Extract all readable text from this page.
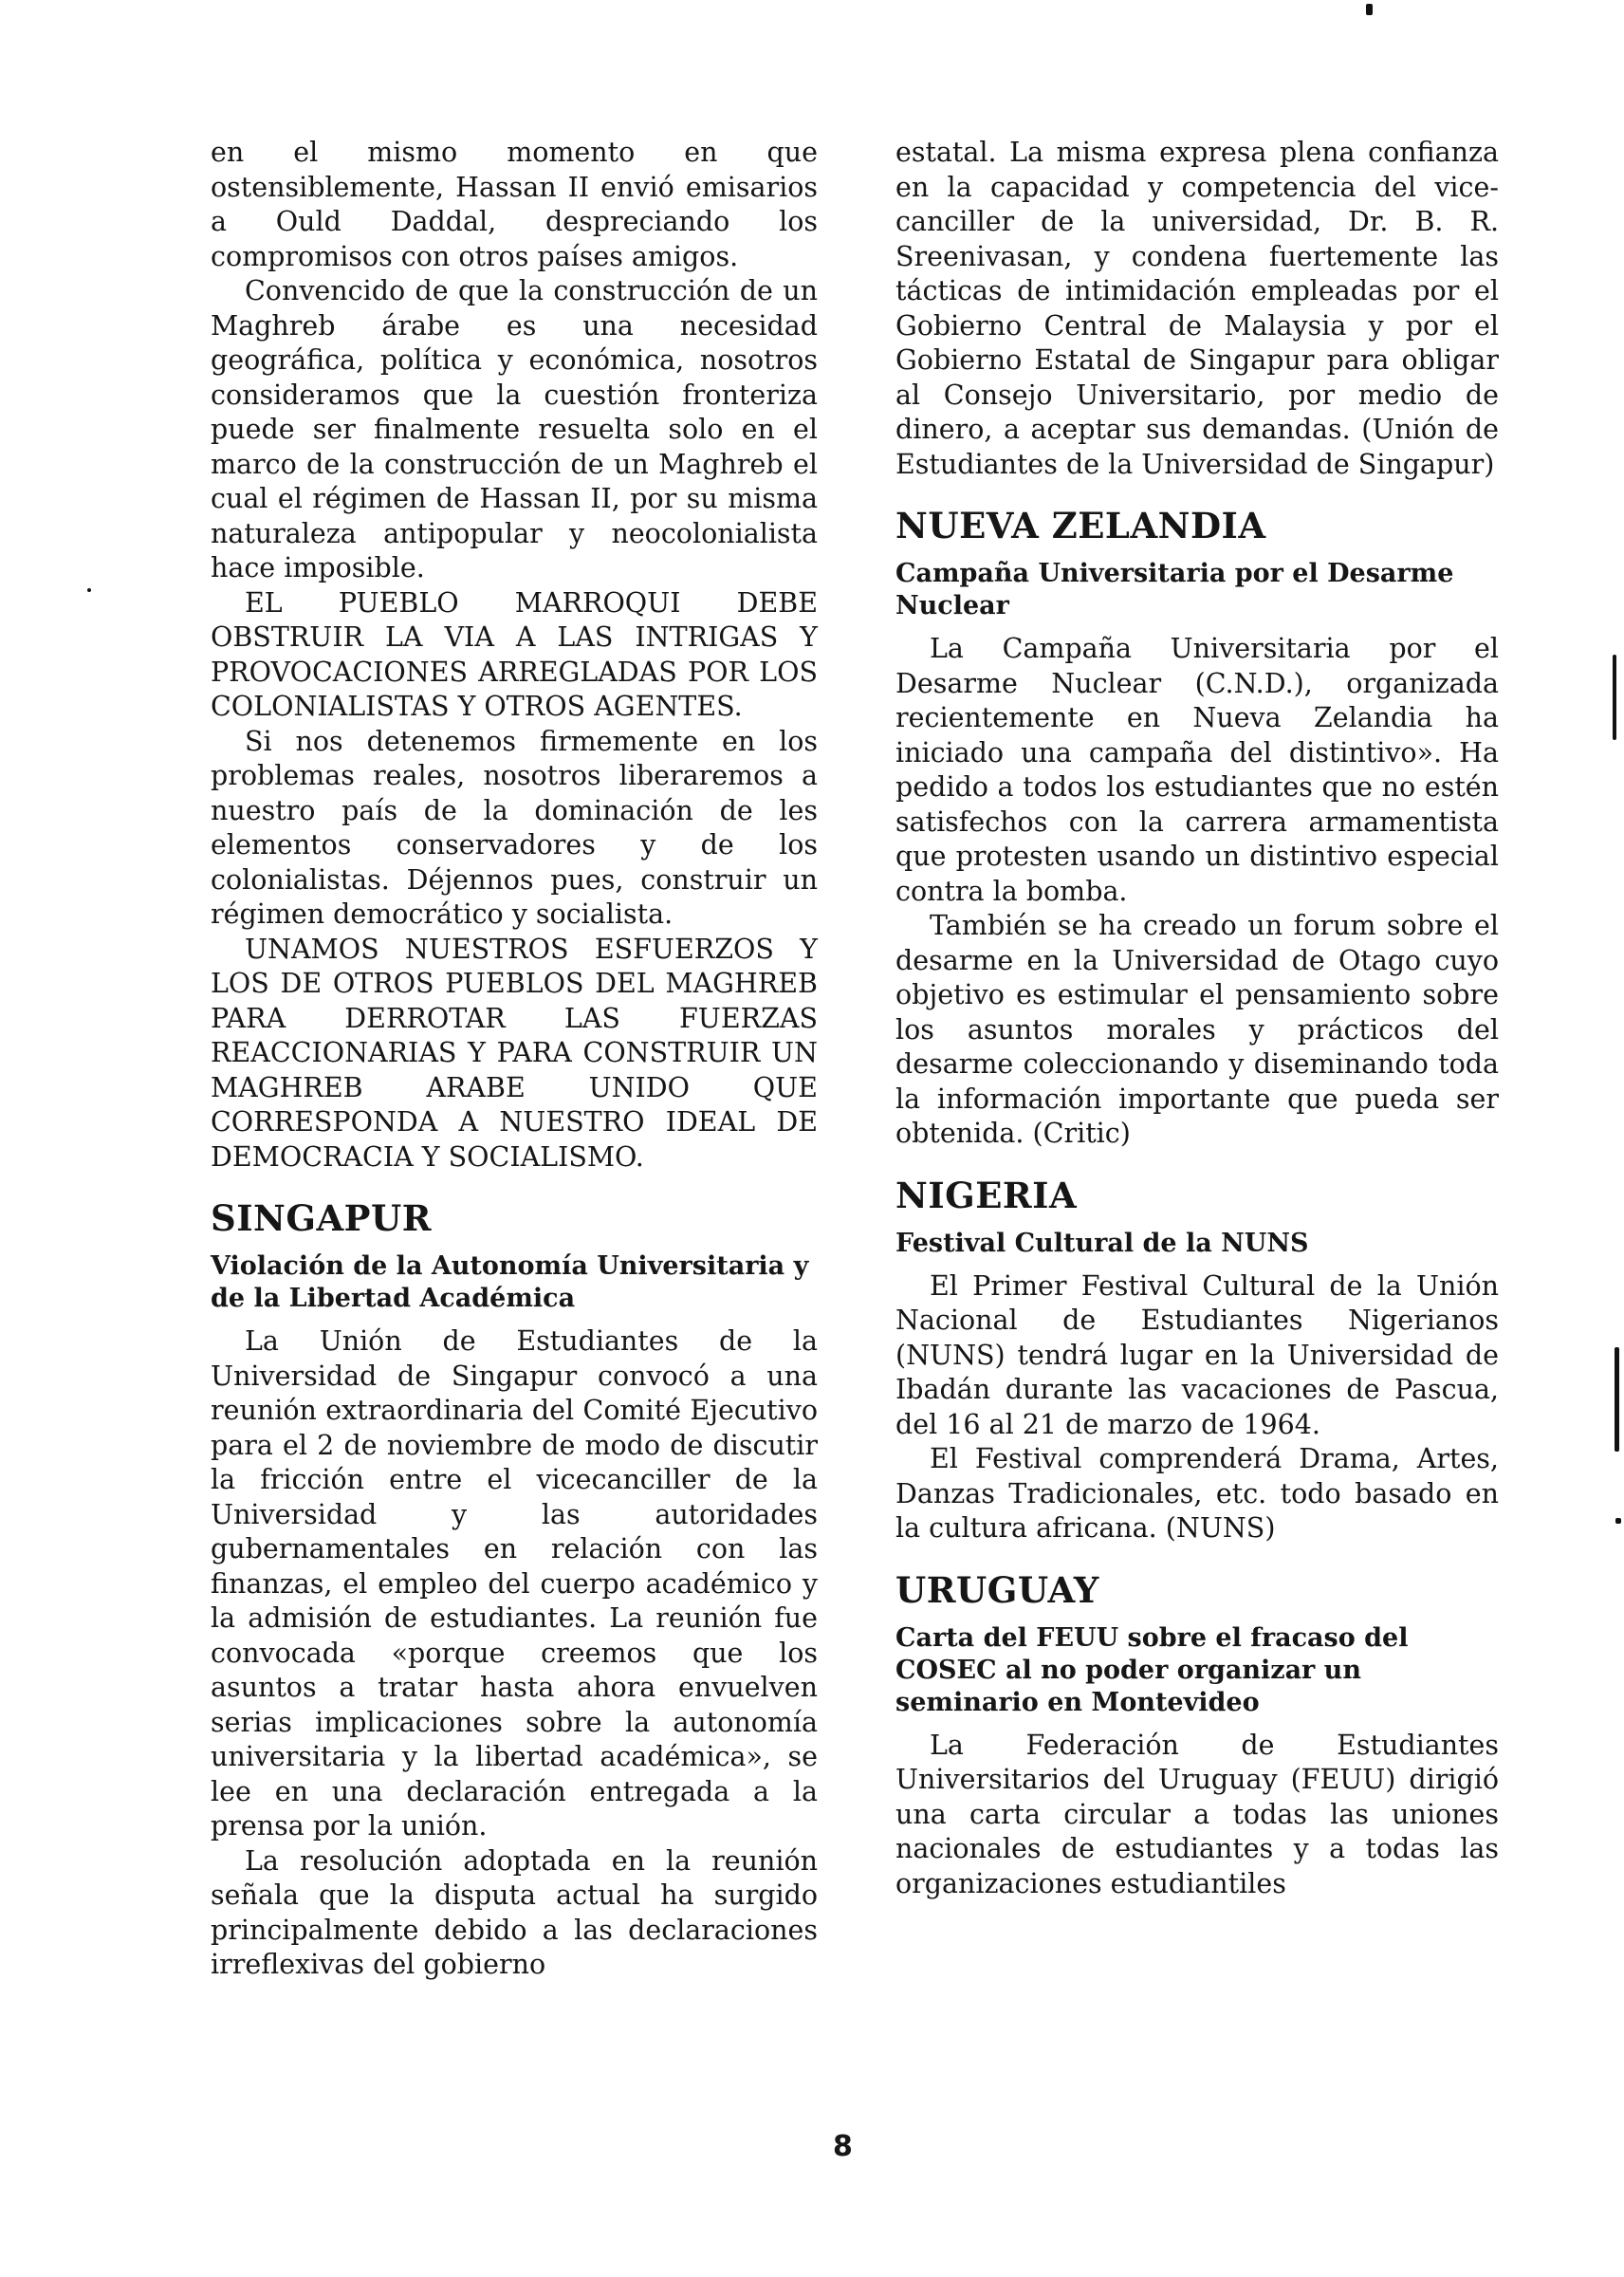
en el mismo momento en que ostensiblemente, Hassan II envió emisarios a Ould Daddal, despreciando los compromisos con otros países amigos.

Convencido de que la construcción de un Maghreb árabe es una necesidad geográfica, política y económica, nosotros consideramos que la cuestión fronteriza puede ser finalmente resuelta solo en el marco de la construcción de un Maghreb el cual el régimen de Hassan II, por su misma naturaleza antipopular y neocolonialista hace imposible.

EL PUEBLO MARROQUI DEBE OBSTRUIR LA VIA A LAS INTRIGAS Y PROVOCACIONES ARREGLADAS POR LOS COLONIALISTAS Y OTROS AGENTES.

Si nos detenemos firmemente en los problemas reales, nosotros liberaremos a nuestro país de la dominación de les elementos conservadores y de los colonialistas. Déjennos pues, construir un régimen democrático y socialista.

UNAMOS NUESTROS ESFUERZOS Y LOS DE OTROS PUEBLOS DEL MAGHREB PARA DERROTAR LAS FUERZAS REACCIONARIAS Y PARA CONSTRUIR UN MAGHREB ARABE UNIDO QUE CORRESPONDA A NUESTRO IDEAL DE DEMOCRACIA Y SOCIALISMO.

SINGAPUR
Violación de la Autonomía Universitaria y de la Libertad Académica

La Unión de Estudiantes de la Universidad de Singapur convocó a una reunión extraordinaria del Comité Ejecutivo para el 2 de noviembre de modo de discutir la fricción entre el vicecanciller de la Universidad y las autoridades gubernamentales en relación con las finanzas, el empleo del cuerpo académico y la admisión de estudiantes. La reunión fue convocada «porque creemos que los asuntos a tratar hasta ahora envuelven serias implicaciones sobre la autonomía universitaria y la libertad académica», se lee en una declaración entregada a la prensa por la unión.

La resolución adoptada en la reunión señala que la disputa actual ha surgido principalmente debido a las declaraciones irreflexivas del gobierno

estatal. La misma expresa plena confianza en la capacidad y competencia del vice-canciller de la universidad, Dr. B. R. Sreenivasan, y condena fuertemente las tácticas de intimidación empleadas por el Gobierno Central de Malaysia y por el Gobierno Estatal de Singapur para obligar al Consejo Universitario, por medio de dinero, a aceptar sus demandas. (Unión de Estudiantes de la Universidad de Singapur)

NUEVA ZELANDIA
Campaña Universitaria por el Desarme Nuclear

La Campaña Universitaria por el Desarme Nuclear (C.N.D.), organizada recientemente en Nueva Zelandia ha iniciado una campaña del distintivo». Ha pedido a todos los estudiantes que no estén satisfechos con la carrera armamentista que protesten usando un distintivo especial contra la bomba.

También se ha creado un forum sobre el desarme en la Universidad de Otago cuyo objetivo es estimular el pensamiento sobre los asuntos morales y prácticos del desarme coleccionando y diseminando toda la información importante que pueda ser obtenida. (Critic)

NIGERIA
Festival Cultural de la NUNS

El Primer Festival Cultural de la Unión Nacional de Estudiantes Nigerianos (NUNS) tendrá lugar en la Universidad de Ibadán durante las vacaciones de Pascua, del 16 al 21 de marzo de 1964.

El Festival comprenderá Drama, Artes, Danzas Tradicionales, etc. todo basado en la cultura africana. (NUNS)

URUGUAY
Carta del FEUU sobre el fracaso del COSEC al no poder organizar un seminario en Montevideo

La Federación de Estudiantes Universitarios del Uruguay (FEUU) dirigió una carta circular a todas las uniones nacionales de estudiantes y a todas las organizaciones estudiantiles

8
